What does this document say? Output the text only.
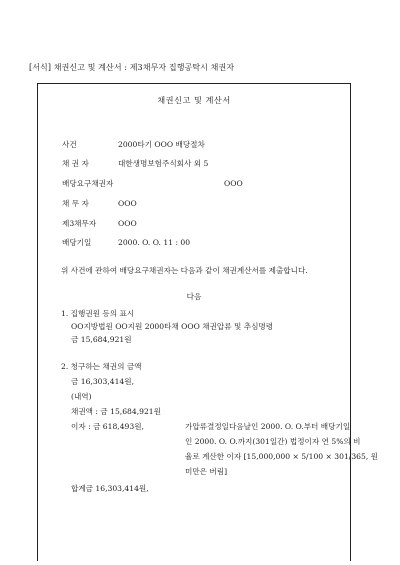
[서식] 채권신고 및 계산서 : 제3채무자 집행공탁시 채권자
채권신고 및 계산서
사건	2000타기 OOO 배당절차
채 권 자	대한생명보험주식회사 외 5
배당요구채권자	OOO
채 무 자	OOO
제3채무자	OOO
배당기일	2000. O. O. 11 : 00
위 사건에 관하여 배당요구채권자는 다음과 같이 채권계산서를 제출합니다.
다음
1. 집행권원 등의 표시
OO지방법원 OO지원 2000타채 OOO 채권압류 및 추심명령
금 15,684,921원
2. 청구하는 채권의 금액
금 16,303,414원,
(내역)
채권액 : 금 15,684,921원
이자 : 금 618,493원,	가압류결정일다음날인 2000. O. O.부터 배당기일
인 2000. O. O.까지(301일간) 법정이자 연 5%의 비
율로 계산한 이자 [15,000,000 × 5/100 × 301/365, 원
미만은 버림]
합계금 16,303,414원,
